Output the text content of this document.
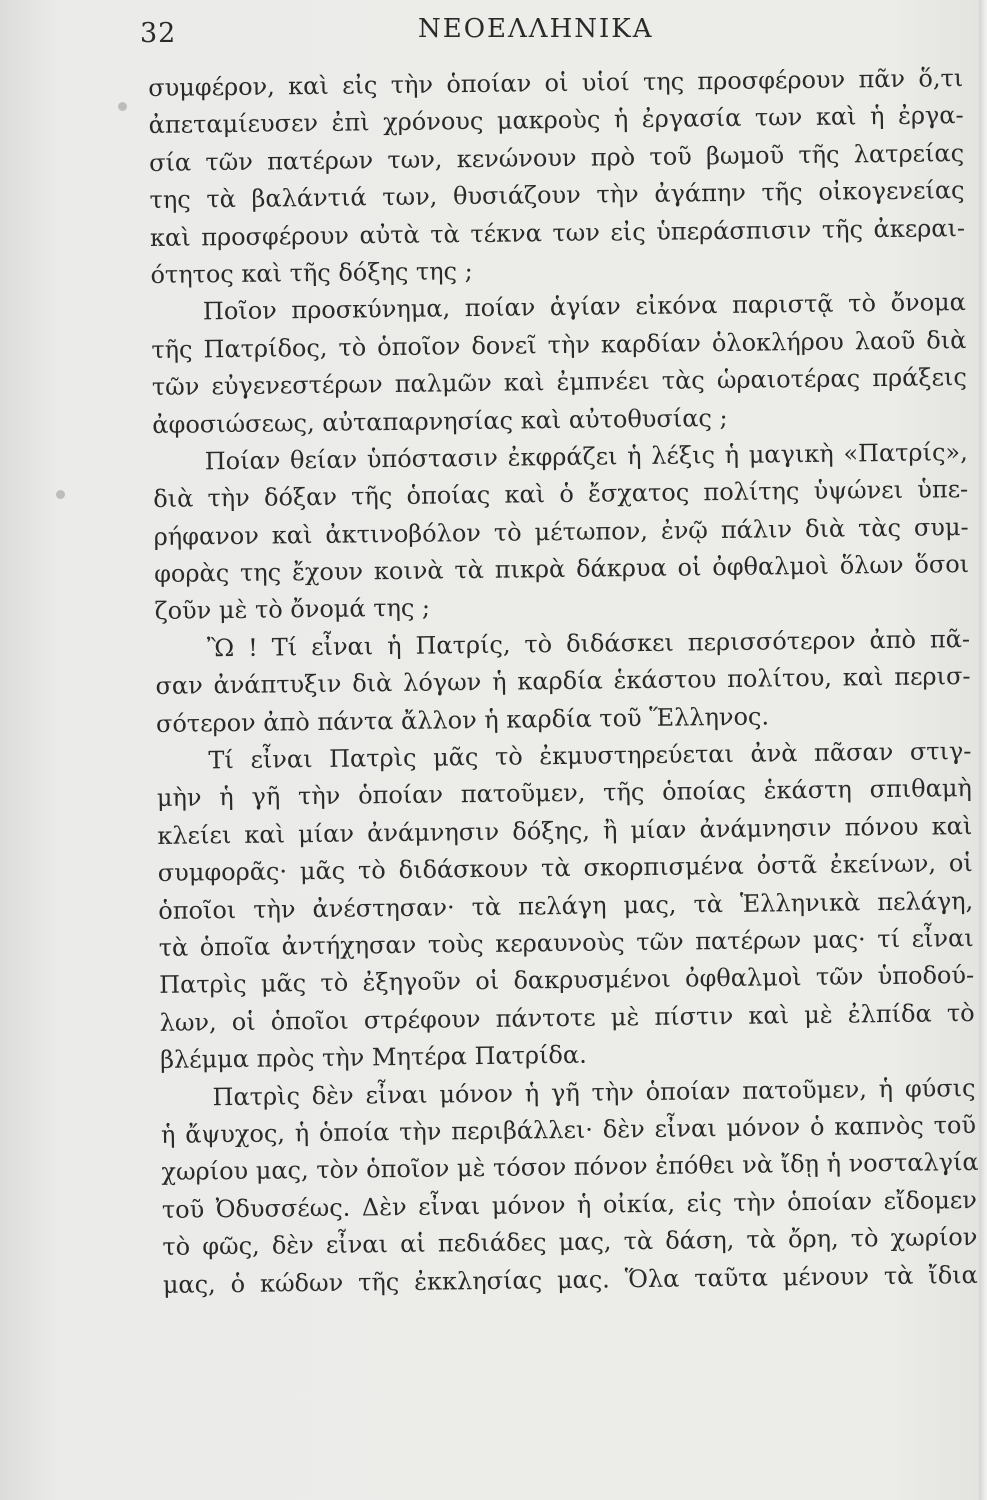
32	ΝΕΟΕΛΛΗΝΙΚΑ
συμφέρον, καὶ εἰς τὴν ὁποίαν οἱ υἱοί της προσφέρουν πᾶν ὅ,τι
ἀπεταμίευσεν ἐπὶ χρόνους μακροὺς ἡ ἐργασία των καὶ ἡ ἐργα-
σία τῶν πατέρων των, κενώνουν πρὸ τοῦ βωμοῦ τῆς λατρείας
της τὰ βαλάντιά των, θυσιάζουν τὴν ἀγάπην τῆς οἰκογενείας
καὶ προσφέρουν αὐτὰ τὰ τέκνα των εἰς ὑπεράσπισιν τῆς ἀκεραι-
ότητος καὶ τῆς δόξης της ;
Ποῖον προσκύνημα, ποίαν ἁγίαν εἰκόνα παριστᾷ τὸ ὄνομα
τῆς Πατρίδος, τὸ ὁποῖον δονεῖ τὴν καρδίαν ὁλοκλήρου λαοῦ διὰ
τῶν εὐγενεστέρων παλμῶν καὶ ἐμπνέει τὰς ὡραιοτέρας πράξεις
ἀφοσιώσεως, αὐταπαρνησίας καὶ αὐτοθυσίας ;
Ποίαν θείαν ὑπόστασιν ἐκφράζει ἡ λέξις ἡ μαγικὴ «Πατρίς»,
διὰ τὴν δόξαν τῆς ὁποίας καὶ ὁ ἔσχατος πολίτης ὑψώνει ὑπε-
ρήφανον καὶ ἀκτινοβόλον τὸ μέτωπον, ἐνῷ πάλιν διὰ τὰς συμ-
φορὰς της ἔχουν κοινὰ τὰ πικρὰ δάκρυα οἱ ὀφθαλμοὶ ὅλων ὅσοι
ζοῦν μὲ τὸ ὄνομά της ;
Ὢ ! Τί εἶναι ἡ Πατρίς, τὸ διδάσκει περισσότερον ἀπὸ πᾶ-
σαν ἀνάπτυξιν διὰ λόγων ἡ καρδία ἑκάστου πολίτου, καὶ περισ-
σότερον ἀπὸ πάντα ἄλλον ἡ καρδία τοῦ Ἕλληνος.
Τί εἶναι Πατρὶς μᾶς τὸ ἐκμυστηρεύεται ἀνὰ πᾶσαν στιγ-
μὴν ἡ γῆ τὴν ὁποίαν πατοῦμεν, τῆς ὁποίας ἑκάστη σπιθαμὴ
κλείει καὶ μίαν ἀνάμνησιν δόξης, ἢ μίαν ἀνάμνησιν πόνου καὶ
συμφορᾶς· μᾶς τὸ διδάσκουν τὰ σκορπισμένα ὀστᾶ ἐκείνων, οἱ
ὁποῖοι τὴν ἀνέστησαν· τὰ πελάγη μας, τὰ Ἑλληνικὰ πελάγη,
τὰ ὁποῖα ἀντήχησαν τοὺς κεραυνοὺς τῶν πατέρων μας· τί εἶναι
Πατρὶς μᾶς τὸ ἐξηγοῦν οἱ δακρυσμένοι ὀφθαλμοὶ τῶν ὑποδού-
λων, οἱ ὁποῖοι στρέφουν πάντοτε μὲ πίστιν καὶ μὲ ἐλπίδα τὸ
βλέμμα πρὸς τὴν Μητέρα Πατρίδα.
Πατρὶς δὲν εἶναι μόνον ἡ γῆ τὴν ὁποίαν πατοῦμεν, ἡ φύσις
ἡ ἄψυχος, ἡ ὁποία τὴν περιβάλλει· δὲν εἶναι μόνον ὁ καπνὸς τοῦ
χωρίου μας, τὸν ὁποῖον μὲ τόσον πόνον ἐπόθει νὰ ἴδῃ ἡ νοσταλγία
τοῦ Ὀδυσσέως. Δὲν εἶναι μόνον ἡ οἰκία, εἰς τὴν ὁποίαν εἴδομεν
τὸ φῶς, δὲν εἶναι αἱ πεδιάδες μας, τὰ δάση, τὰ ὄρη, τὸ χωρίον
μας, ὁ κώδων τῆς ἐκκλησίας μας. Ὅλα ταῦτα μένουν τὰ ἴδια
